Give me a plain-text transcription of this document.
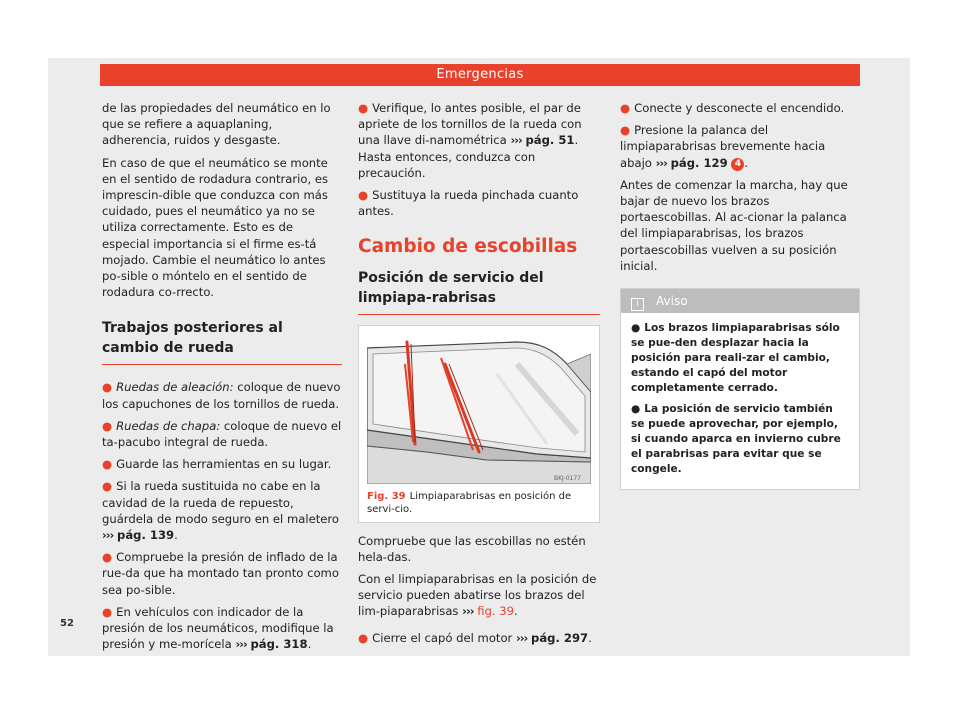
Emergencias

de las propiedades del neumático en lo que se refiere a aquaplaning, adherencia, ruidos y desgaste.

En caso de que el neumático se monte en el sentido de rodadura contrario, es imprescin-dible que conduzca con más cuidado, pues el neumático ya no se utiliza correctamente. Esto es de especial importancia si el firme es-tá mojado. Cambie el neumático lo antes po-sible o móntelo en el sentido de rodadura co-rrecto.

Trabajos posteriores al cambio de rueda
● Ruedas de aleación: coloque de nuevo los capuchones de los tornillos de rueda.
● Ruedas de chapa: coloque de nuevo el ta-pacubo integral de rueda.
● Guarde las herramientas en su lugar.
● Si la rueda sustituida no cabe en la cavidad de la rueda de repuesto, guárdela de modo seguro en el maletero ››› pág. 139.
● Compruebe la presión de inflado de la rue-da que ha montado tan pronto como sea po-sible.
● En vehículos con indicador de la presión de los neumáticos, modifique la presión y me-morícela ››› pág. 318.
● Verifique, lo antes posible, el par de apriete de los tornillos de la rueda con una llave di-namométrica ››› pág. 51. Hasta entonces, conduzca con precaución.
● Sustituya la rueda pinchada cuanto antes.
Cambio de escobillas
Posición de servicio del limpiapa-rabrisas
BKJ-0177
Fig. 39 Limpiaparabrisas en posición de servi-cio.

Compruebe que las escobillas no estén hela-das.

Con el limpiaparabrisas en la posición de servicio pueden abatirse los brazos del lim-piaparabrisas ››› fig. 39.

● Cierre el capó del motor ››› pág. 297.
● Conecte y desconecte el encendido.
● Presione la palanca del limpiaparabrisas brevemente hacia abajo ››› pág. 129 4 .

Antes de comenzar la marcha, hay que bajar de nuevo los brazos portaescobillas. Al ac-cionar la palanca del limpiaparabrisas, los brazos portaescobillas vuelven a su posición inicial.

i Aviso
● Los brazos limpiaparabrisas sólo se pue-den desplazar hacia la posición para reali-zar el cambio, estando el capó del motor completamente cerrado.
● La posición de servicio también se puede aprovechar, por ejemplo, si cuando aparca en invierno cubre el parabrisas para evitar que se congele.
52
